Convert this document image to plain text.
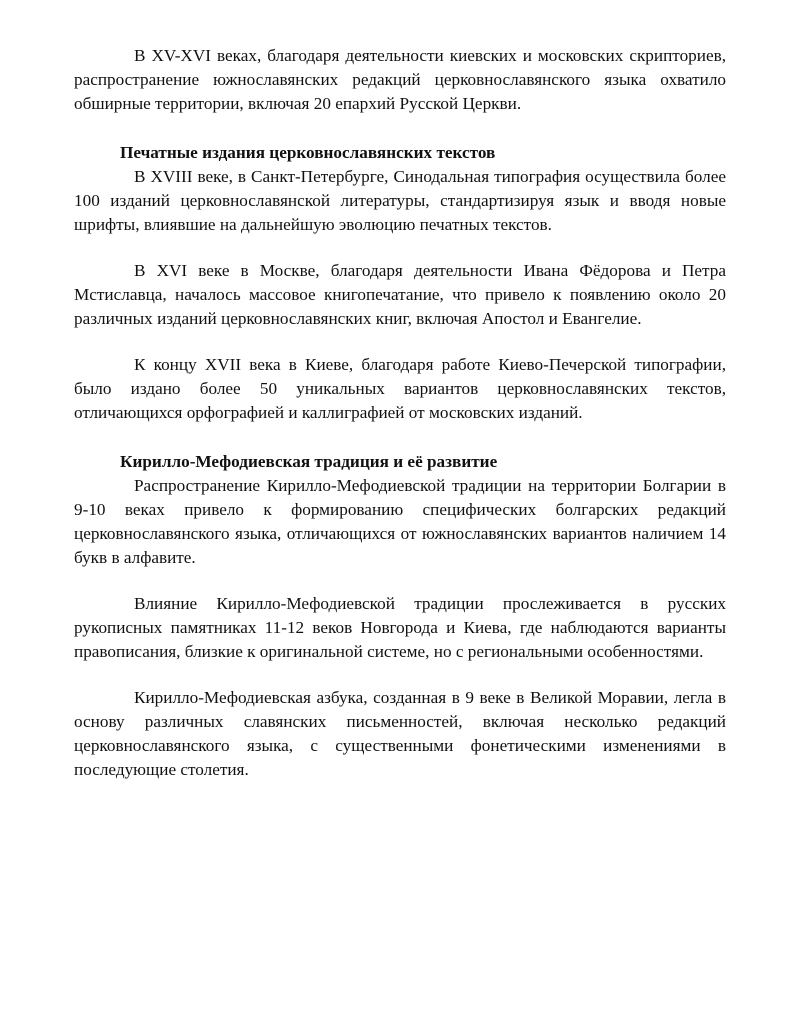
В XV-XVI веках, благодаря деятельности киевских и московских скрипториев, распространение южнославянских редакций церковнославянского языка охватило обширные территории, включая 20 епархий Русской Церкви.

Печатные издания церковнославянских текстов

В XVIII веке, в Санкт-Петербурге, Синодальная типография осуществила более 100 изданий церковнославянской литературы, стандартизируя язык и вводя новые шрифты, влиявшие на дальнейшую эволюцию печатных текстов.

В XVI веке в Москве, благодаря деятельности Ивана Фёдорова и Петра Мстиславца, началось массовое книгопечатание, что привело к появлению около 20 различных изданий церковнославянских книг, включая Апостол и Евангелие.

К концу XVII века в Киеве, благодаря работе Киево-Печерской типографии, было издано более 50 уникальных вариантов церковнославянских текстов, отличающихся орфографией и каллиграфией от московских изданий.

Кирилло-Мефодиевская традиция и её развитие

Распространение Кирилло-Мефодиевской традиции на территории Болгарии в 9-10 веках привело к формированию специфических болгарских редакций церковнославянского языка, отличающихся от южнославянских вариантов наличием 14 букв в алфавите.

Влияние Кирилло-Мефодиевской традиции прослеживается в русских рукописных памятниках 11-12 веков Новгорода и Киева, где наблюдаются варианты правописания, близкие к оригинальной системе, но с региональными особенностями.

Кирилло-Мефодиевская азбука, созданная в 9 веке в Великой Моравии, легла в основу различных славянских письменностей, включая несколько редакций церковнославянского языка, с существенными фонетическими изменениями в последующие столетия.
